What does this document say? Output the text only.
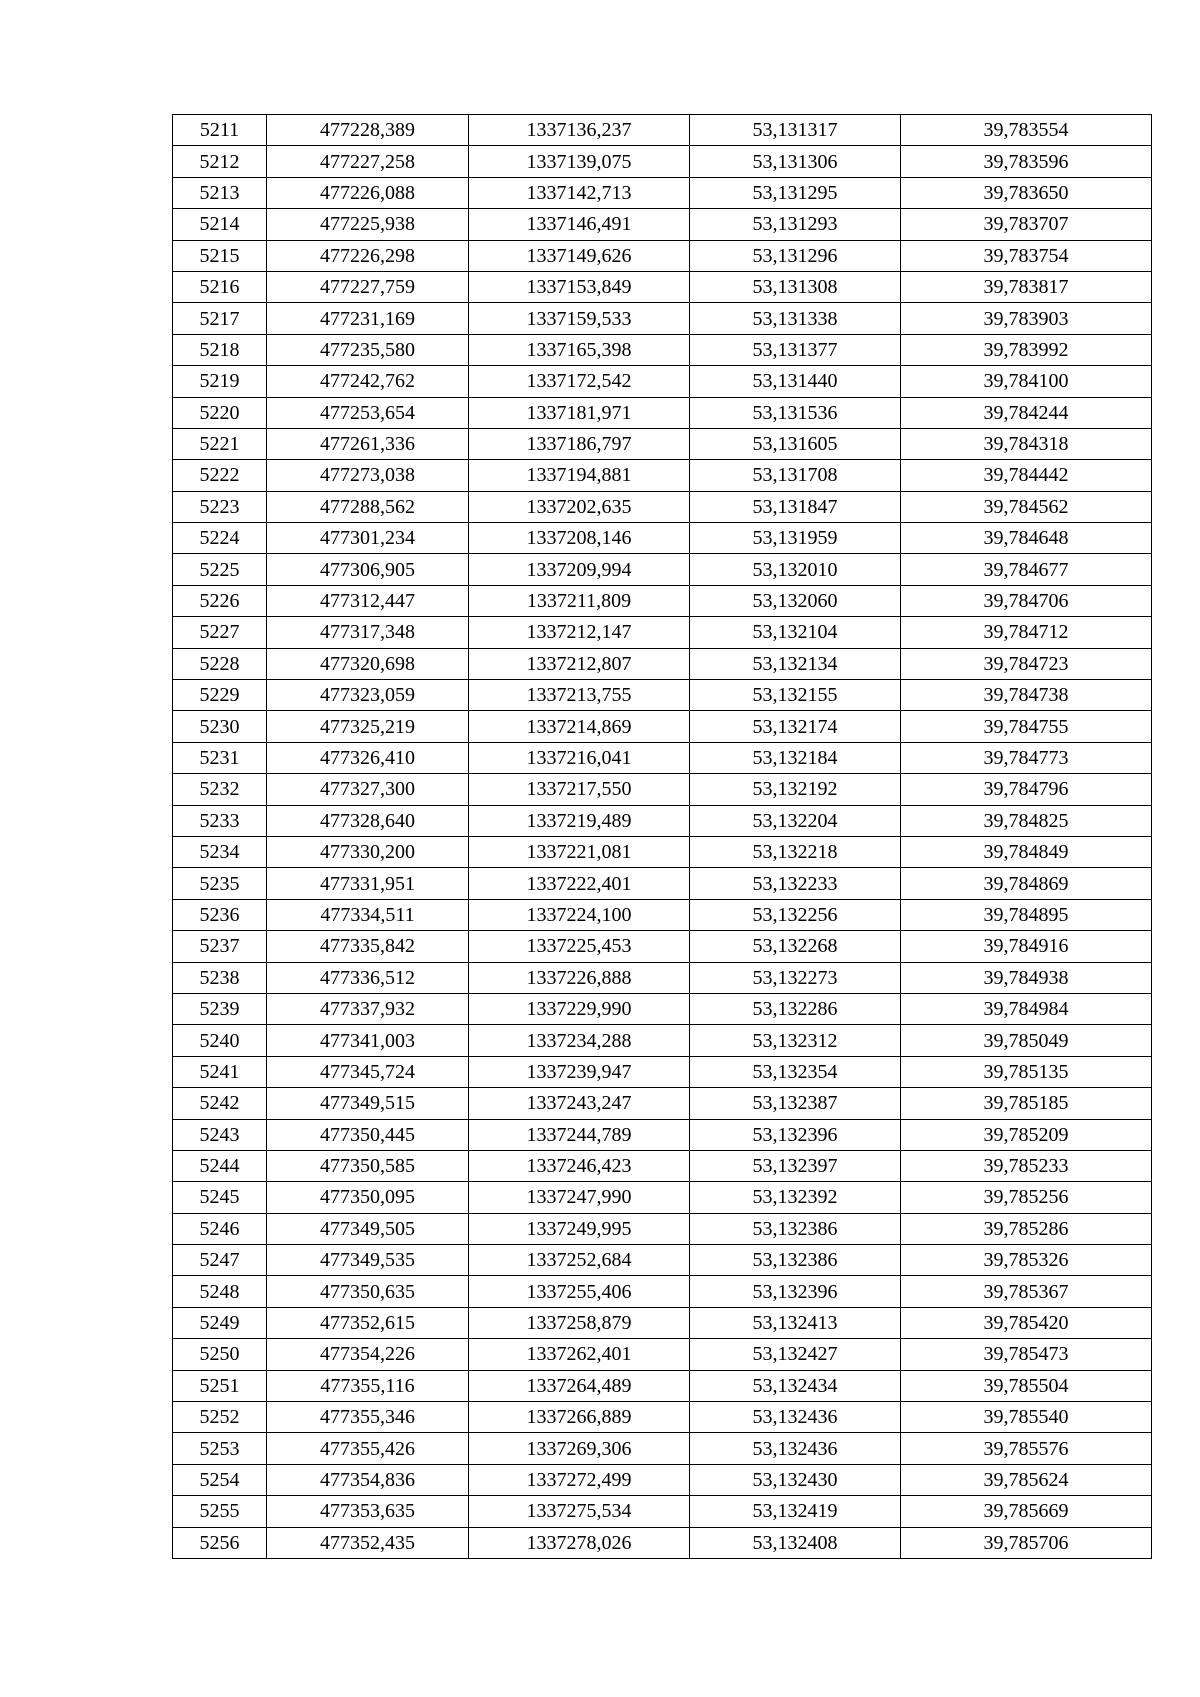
5211	477228,389	1337136,237	53,131317	39,783554
5212	477227,258	1337139,075	53,131306	39,783596
5213	477226,088	1337142,713	53,131295	39,783650
5214	477225,938	1337146,491	53,131293	39,783707
5215	477226,298	1337149,626	53,131296	39,783754
5216	477227,759	1337153,849	53,131308	39,783817
5217	477231,169	1337159,533	53,131338	39,783903
5218	477235,580	1337165,398	53,131377	39,783992
5219	477242,762	1337172,542	53,131440	39,784100
5220	477253,654	1337181,971	53,131536	39,784244
5221	477261,336	1337186,797	53,131605	39,784318
5222	477273,038	1337194,881	53,131708	39,784442
5223	477288,562	1337202,635	53,131847	39,784562
5224	477301,234	1337208,146	53,131959	39,784648
5225	477306,905	1337209,994	53,132010	39,784677
5226	477312,447	1337211,809	53,132060	39,784706
5227	477317,348	1337212,147	53,132104	39,784712
5228	477320,698	1337212,807	53,132134	39,784723
5229	477323,059	1337213,755	53,132155	39,784738
5230	477325,219	1337214,869	53,132174	39,784755
5231	477326,410	1337216,041	53,132184	39,784773
5232	477327,300	1337217,550	53,132192	39,784796
5233	477328,640	1337219,489	53,132204	39,784825
5234	477330,200	1337221,081	53,132218	39,784849
5235	477331,951	1337222,401	53,132233	39,784869
5236	477334,511	1337224,100	53,132256	39,784895
5237	477335,842	1337225,453	53,132268	39,784916
5238	477336,512	1337226,888	53,132273	39,784938
5239	477337,932	1337229,990	53,132286	39,784984
5240	477341,003	1337234,288	53,132312	39,785049
5241	477345,724	1337239,947	53,132354	39,785135
5242	477349,515	1337243,247	53,132387	39,785185
5243	477350,445	1337244,789	53,132396	39,785209
5244	477350,585	1337246,423	53,132397	39,785233
5245	477350,095	1337247,990	53,132392	39,785256
5246	477349,505	1337249,995	53,132386	39,785286
5247	477349,535	1337252,684	53,132386	39,785326
5248	477350,635	1337255,406	53,132396	39,785367
5249	477352,615	1337258,879	53,132413	39,785420
5250	477354,226	1337262,401	53,132427	39,785473
5251	477355,116	1337264,489	53,132434	39,785504
5252	477355,346	1337266,889	53,132436	39,785540
5253	477355,426	1337269,306	53,132436	39,785576
5254	477354,836	1337272,499	53,132430	39,785624
5255	477353,635	1337275,534	53,132419	39,785669
5256	477352,435	1337278,026	53,132408	39,785706
